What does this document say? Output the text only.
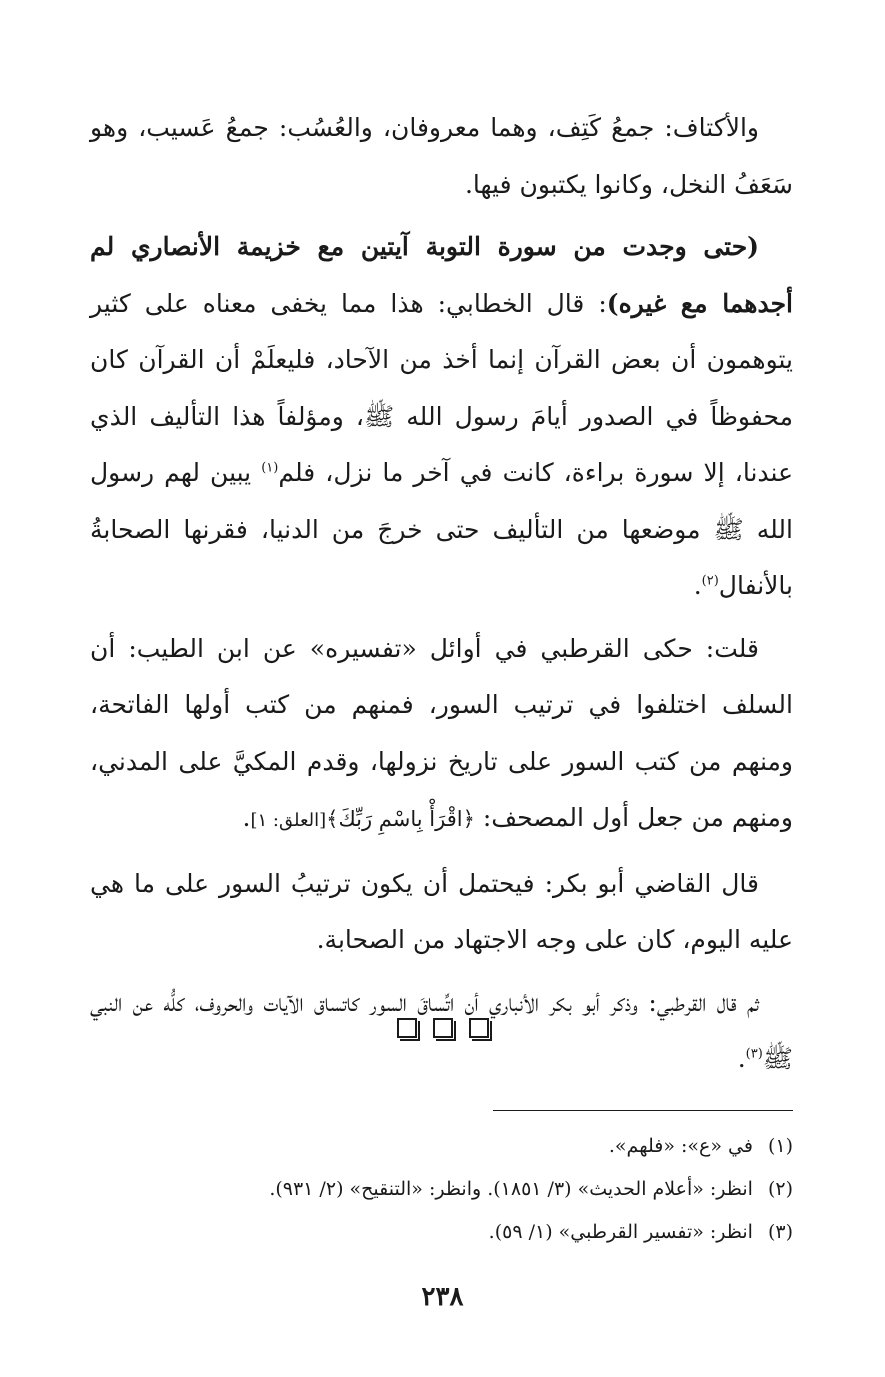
والأكتاف: جمعُ كَتِف، وهما معروفان، والعُسُب: جمعُ عَسيب، وهو سَعَفُ النخل، وكانوا يكتبون فيها.

(حتى وجدت من سورة التوبة آيتين مع خزيمة الأنصاري لم أجدهما مع غيره): قال الخطابي: هذا مما يخفى معناه على كثير يتوهمون أن بعض القرآن إنما أخذ من الآحاد، فليعلَمْ أن القرآن كان محفوظاً في الصدور أيامَ رسول الله ﷺ، ومؤلفاً هذا التأليف الذي عندنا، إلا سورة براءة، كانت في آخر ما نزل، فلم$^{(١)}$ يبين لهم رسول الله ﷺ موضعها من التأليف حتى خرجَ من الدنيا، فقرنها الصحابةُ بالأنفال$^{(٢)}$.

قلت: حكى القرطبي في أوائل «تفسيره» عن ابن الطيب: أن السلف اختلفوا في ترتيب السور، فمنهم من كتب أولها الفاتحة، ومنهم من كتب السور على تاريخ نزولها، وقدم المكيَّ على المدني، ومنهم من جعل أول المصحف: ﴿اقْرَأْ بِاسْمِ رَبِّكَ﴾[العلق: ١].

قال القاضي أبو بكر: فيحتمل أن يكون ترتيبُ السور على ما هي عليه اليوم، كان على وجه الاجتهاد من الصحابة.

ثم قال القرطبي: وذكر أبو بكر الأنباري أن اتِّساقَ السور كاتساق الآيات والحروف، كلُّه عن النبي ﷺ$^{(٣)}$.

(١) في «ع»: «فلهم».

(٢) انظر: «أعلام الحديث» (٣/ ١٨٥١). وانظر: «التنقيح» (٢/ ٩٣١).

(٣) انظر: «تفسير القرطبي» (١/ ٥٩).

٢٣٨
